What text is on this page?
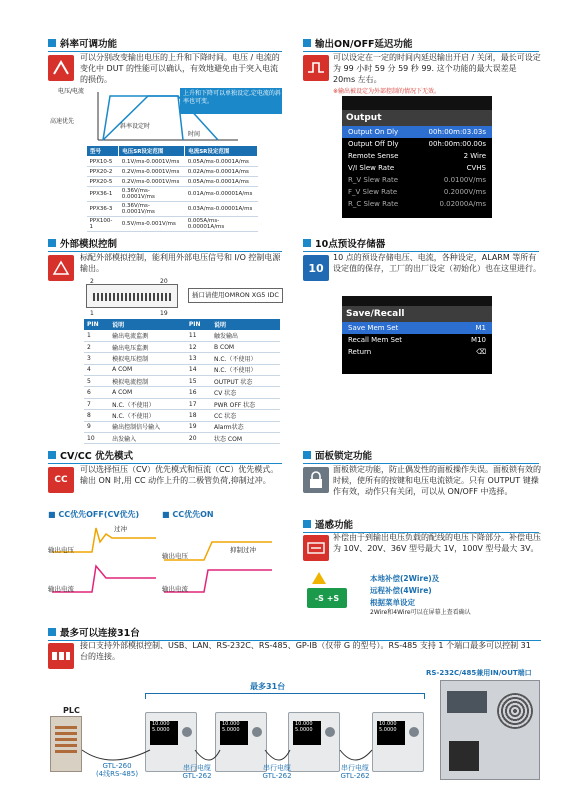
斜率可调功能
可以分别改变输出电压的上升和下降时间。电压 / 电流的变化中 DUT 的性能可以确认，有效地避免由于突入电流的损伤。
电压/电流
高速优先
斜率设定时
时间
上升和下降可以单独设定,定电流的斜率也可变。
型号	电压SR设定范围	电流SR设定范围
PPX10-5	0.1V/ms-0.0001V/ms	0.05A/ms-0.0001A/ms
PPX20-2	0.2V/ms-0.0001V/ms	0.02A/ms-0.0001A/ms
PPX20-5	0.2V/ms-0.0001V/ms	0.05A/ms-0.0001A/ms
PPX36-1	0.36V/ms-0.0001V/ms	0.01A/ms-0.00001A/ms
PPX36-3	0.36V/ms-0.0001V/ms	0.03A/ms-0.00001A/ms
PPX100-1	0.5V/ms-0.001V/ms	0.005A/ms-0.00001A/ms
输出ON/OFF延迟功能
可以设定在一定的时间内延迟输出开启 / 关闭，最长可设定为 99 小时 59 分 59 秒 99. 这个功能的最大误差是 20ms 左右。
※输出被设定为外部控制的情况下无效。
Output
Output On Dly	00h:00m:03.03s
Output Off Dly	00h:00m:00.00s
Remote Sense	2 Wire
V/I Slew Rate	CVHS
R_V Slew Rate	0.0100V/ms
F_V Slew Rate	0.2000V/ms
R_C Slew Rate	0.02000A/ms
外部模拟控制
标配外部模拟控制，能利用外部电压信号和 I/O 控制电源输出。
2	20
1	19
插口请使用OMRON XG5 IDC
PIN	说明	PIN	说明
1	输出电流监测	11	触发输出
2	输出电压监测	12	B COM
3	模拟电压控制	13	N.C.（不使用）
4	A COM	14	N.C.（不使用）
5	模拟电流控制	15	OUTPUT 状态
6	A COM	16	CV 状态
7	N.C.（不使用）	17	PWR OFF 状态
8	N.C.（不使用）	18	CC 状态
9	输出控制信号输入	19	Alarm状态
10	出发输入	20	状态 COM
10点预设存储器
10
10 点的预设存储电压、电流，各种设定，ALARM 等所有设定值的保存，工厂的出厂设定（初始化）也在这里进行。
Save/Recall
Save Mem Set	M1
Recall Mem Set	M10
Return	⌫
CV/CC 优先模式
CC
可以选择恒压（CV）优先模式和恒流（CC）优先模式。输出 ON 时,用 CC 动作上升的二极管负荷,抑制过冲。
■ CC优先OFF(CV优先)	■ CC优先ON
过冲
输出电压
输出电流
抑制过冲
输出电压
输出电流
面板锁定功能
面板锁定功能，防止偶发性的面板操作失误。面板锁有效的时候，使所有的按键和电压电流锁定。只有 OUTPUT 键操作有效，动作只有关闭，可以从 ON/OFF 中选择。
遥感功能
补偿由于到输出电压负载的配线的电压下降部分。补偿电压为 10V、20V、36V 型号最大 1V，100V 型号最大 3V。
-S +S
本地补偿(2Wire)及
远程补偿(4Wire)
根据菜单设定
2Wire和4Wire可以在屏幕上查看确认
最多可以连接31台
接口支持外部模拟控制、USB、LAN、RS-232C、RS-485、GP-IB（仅带 G 的型号）。RS-485 支持 1 个端口最多可以控制 31 台的连接。
RS-232C/485兼用IN/OUT端口
最多31台
PLC
10.000
5.0000
10.000
5.0000
10.000
5.0000
10.000
5.0000
GTL-260
(4线RS-485)
串行电缆
GTL-262
串行电缆
GTL-262
串行电缆
GTL-262
